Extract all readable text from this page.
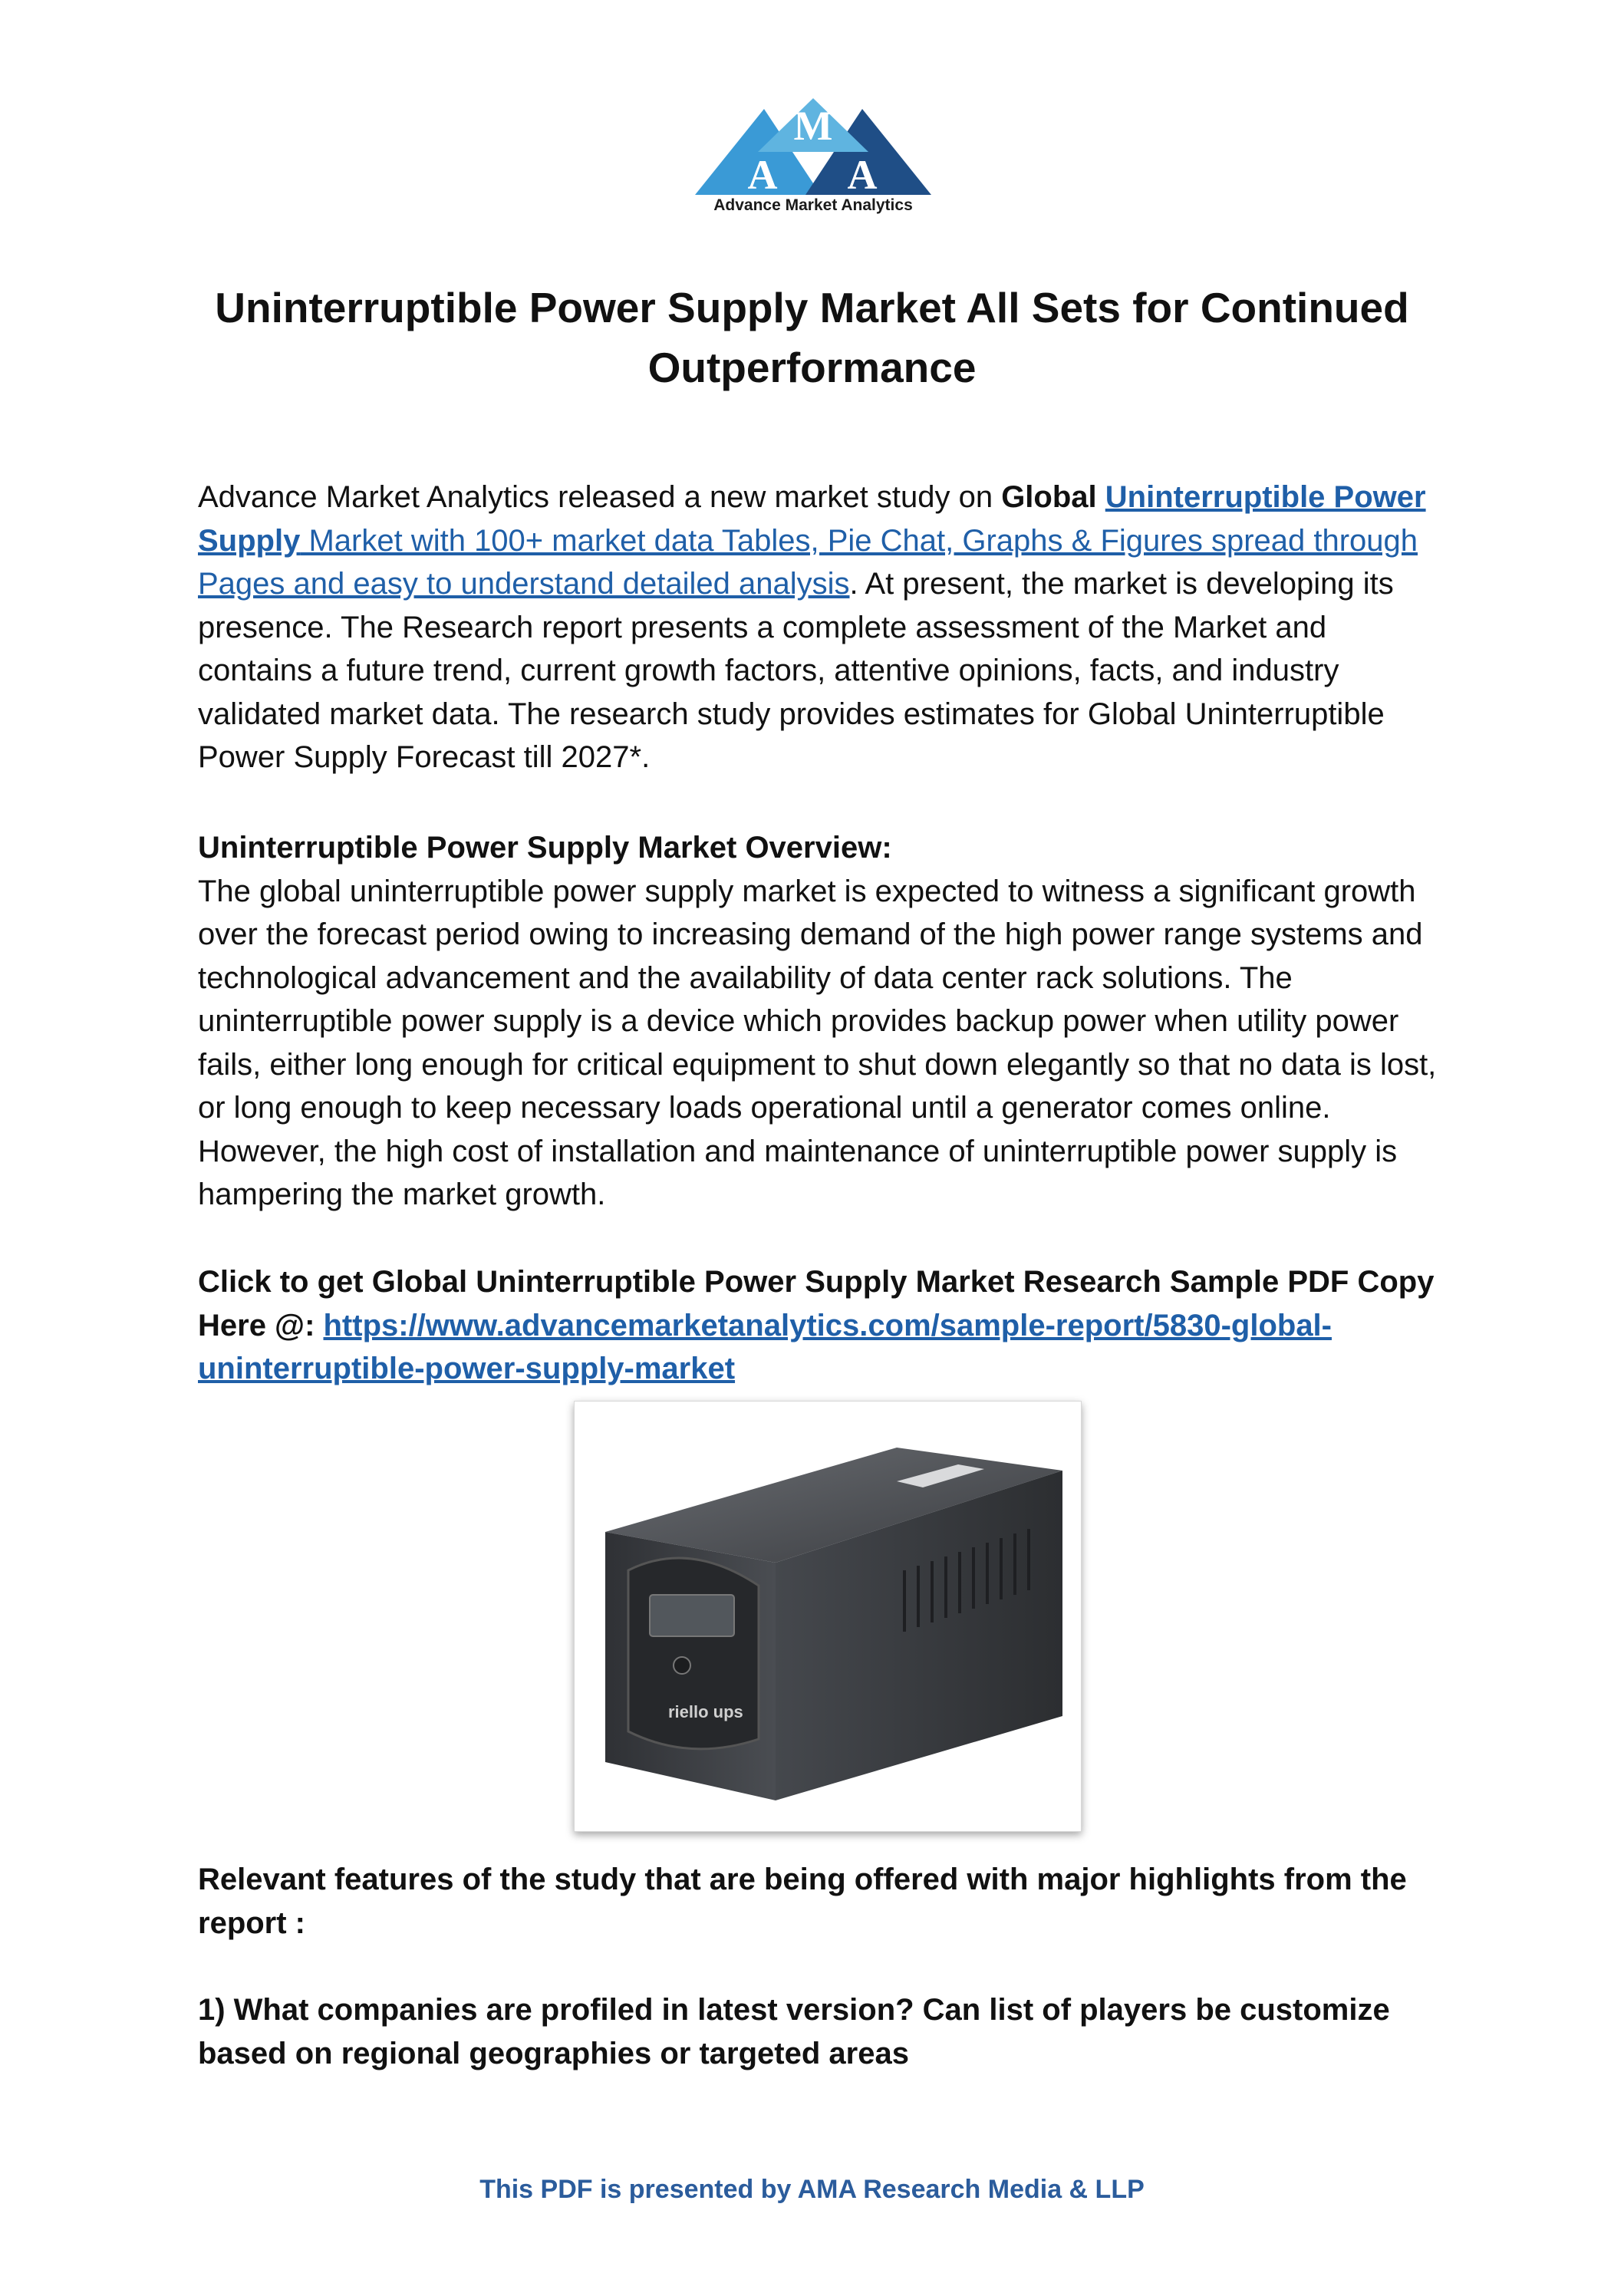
M
A A
Advance Market Analytics
Uninterruptible Power Supply Market All Sets for Continued Outperformance
Advance Market Analytics released a new market study on Global Uninterruptible Power Supply Market with 100+ market data Tables, Pie Chat, Graphs & Figures spread through Pages and easy to understand detailed analysis. At present, the market is developing its presence. The Research report presents a complete assessment of the Market and contains a future trend, current growth factors, attentive opinions, facts, and industry validated market data. The research study provides estimates for Global Uninterruptible Power Supply Forecast till 2027*.

Uninterruptible Power Supply Market Overview:

The global uninterruptible power supply market is expected to witness a significant growth over the forecast period owing to increasing demand of the high power range systems and technological advancement and the availability of data center rack solutions. The uninterruptible power supply is a device which provides backup power when utility power fails, either long enough for critical equipment to shut down elegantly so that no data is lost, or long enough to keep necessary loads operational until a generator comes online. However, the high cost of installation and maintenance of uninterruptible power supply is hampering the market growth.

Click to get Global Uninterruptible Power Supply Market Research Sample PDF Copy Here @: https://www.advancemarketanalytics.com/sample-report/5830-global-uninterruptible-power-supply-market
riello ups

Relevant features of the study that are being offered with major highlights from the report :

1) What companies are profiled in latest version? Can list of players be customize based on regional geographies or targeted areas

This PDF is presented by AMA Research Media & LLP
